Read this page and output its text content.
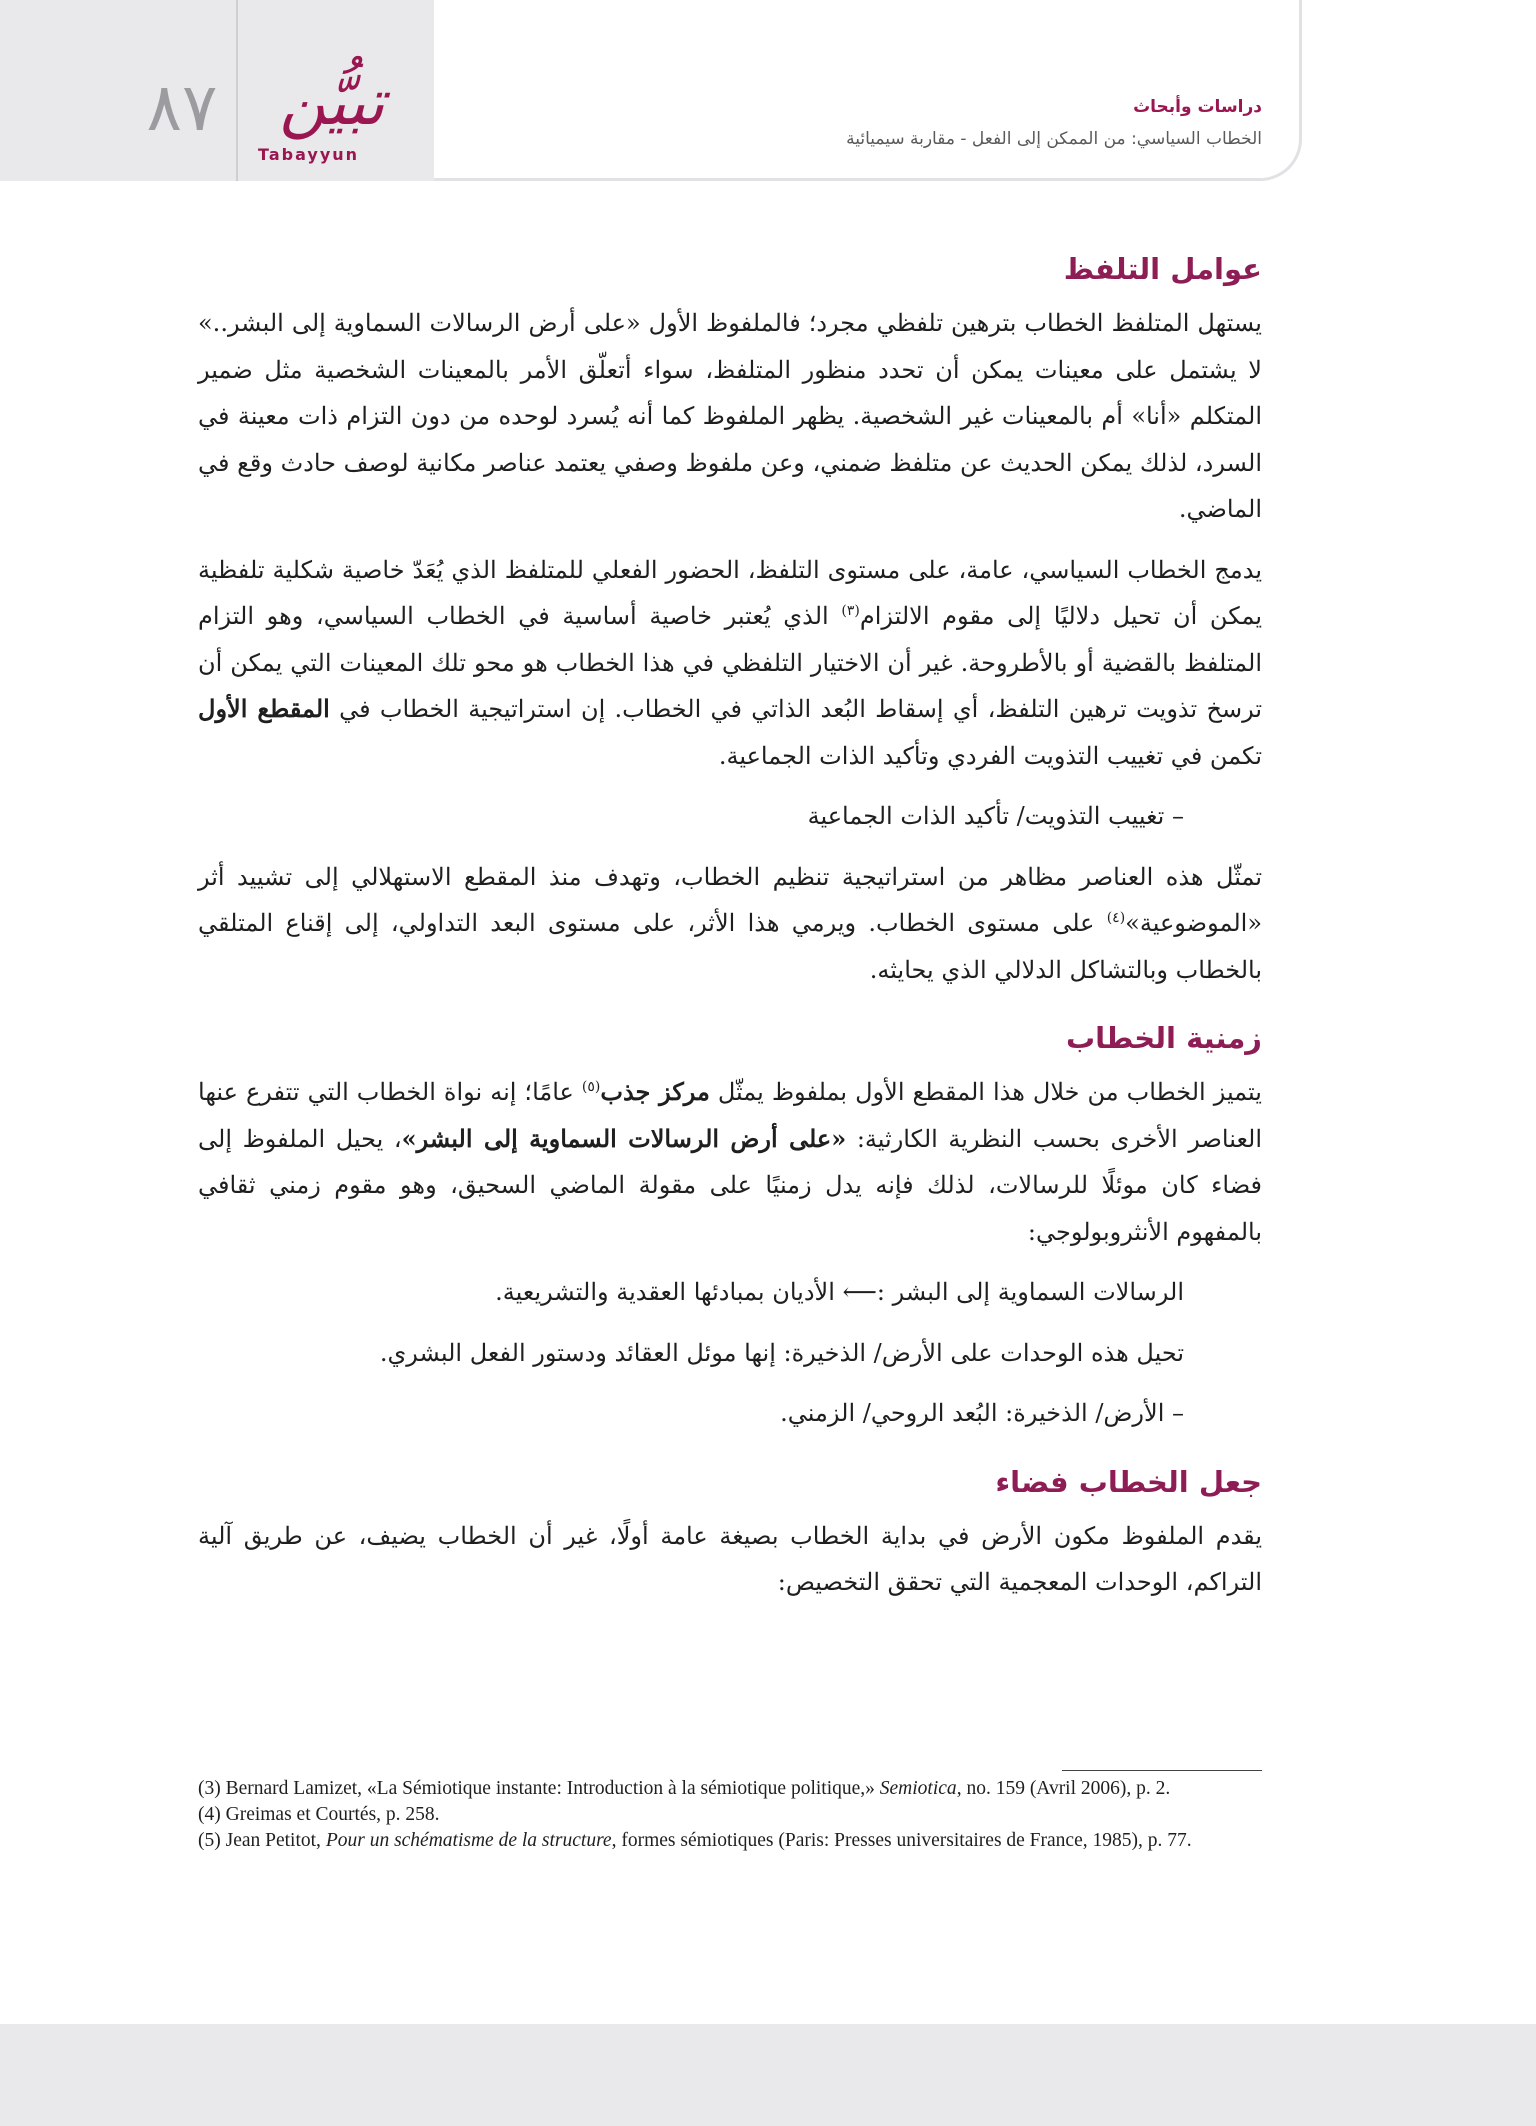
٨٧ تبيُّن
Tabayyun
دراسات وأبحاث
الخطاب السياسي: من الممكن إلى الفعل - مقاربة سيميائية
عوامل التلفظ

يستهل المتلفظ الخطاب بترهين تلفظي مجرد؛ فالملفوظ الأول «على أرض الرسالات السماوية إلى البشر..» لا يشتمل على معينات يمكن أن تحدد منظور المتلفظ، سواء أتعلّق الأمر بالمعينات الشخصية مثل ضمير المتكلم «أنا» أم بالمعينات غير الشخصية. يظهر الملفوظ كما أنه يُسرد لوحده من دون التزام ذات معينة في السرد، لذلك يمكن الحديث عن متلفظ ضمني، وعن ملفوظ وصفي يعتمد عناصر مكانية لوصف حادث وقع في الماضي.

يدمج الخطاب السياسي، عامة، على مستوى التلفظ، الحضور الفعلي للمتلفظ الذي يُعَدّ خاصية شكلية تلفظية يمكن أن تحيل دلاليًا إلى مقوم الالتزام$^{(٣)}$ الذي يُعتبر خاصية أساسية في الخطاب السياسي، وهو التزام المتلفظ بالقضية أو بالأطروحة. غير أن الاختيار التلفظي في هذا الخطاب هو محو تلك المعينات التي يمكن أن ترسخ تذويت ترهين التلفظ، أي إسقاط البُعد الذاتي في الخطاب. إن استراتيجية الخطاب في المقطع الأول تكمن في تغييب التذويت الفردي وتأكيد الذات الجماعية.

– تغييب التذويت/ تأكيد الذات الجماعية

تمثّل هذه العناصر مظاهر من استراتيجية تنظيم الخطاب، وتهدف منذ المقطع الاستهلالي إلى تشييد أثر «الموضوعية»$^{(٤)}$ على مستوى الخطاب. ويرمي هذا الأثر، على مستوى البعد التداولي، إلى إقناع المتلقي بالخطاب وبالتشاكل الدلالي الذي يحايثه.

زمنية الخطاب

يتميز الخطاب من خلال هذا المقطع الأول بملفوظ يمثّل مركز جذب$^{(٥)}$ عامًا؛ إنه نواة الخطاب التي تتفرع عنها العناصر الأخرى بحسب النظرية الكارثية: «على أرض الرسالات السماوية إلى البشر»، يحيل الملفوظ إلى فضاء كان موئلًا للرسالات، لذلك فإنه يدل زمنيًا على مقولة الماضي السحيق، وهو مقوم زمني ثقافي بالمفهوم الأنثروبولوجي:

الرسالات السماوية إلى البشر :⟵ الأديان بمبادئها العقدية والتشريعية.

تحيل هذه الوحدات على الأرض/ الذخيرة: إنها موئل العقائد ودستور الفعل البشري.

– الأرض/ الذخيرة: البُعد الروحي/ الزمني.

جعل الخطاب فضاء

يقدم الملفوظ مكون الأرض في بداية الخطاب بصيغة عامة أولًا، غير أن الخطاب يضيف، عن طريق آلية التراكم، الوحدات المعجمية التي تحقق التخصيص:

(3) Bernard Lamizet, «La Sémiotique instante: Introduction à la sémiotique politique,» Semiotica, no. 159 (Avril 2006), p. 2.
(4) Greimas et Courtés, p. 258.
(5) Jean Petitot, Pour un schématisme de la structure, formes sémiotiques (Paris: Presses universitaires de France, 1985), p. 77.
